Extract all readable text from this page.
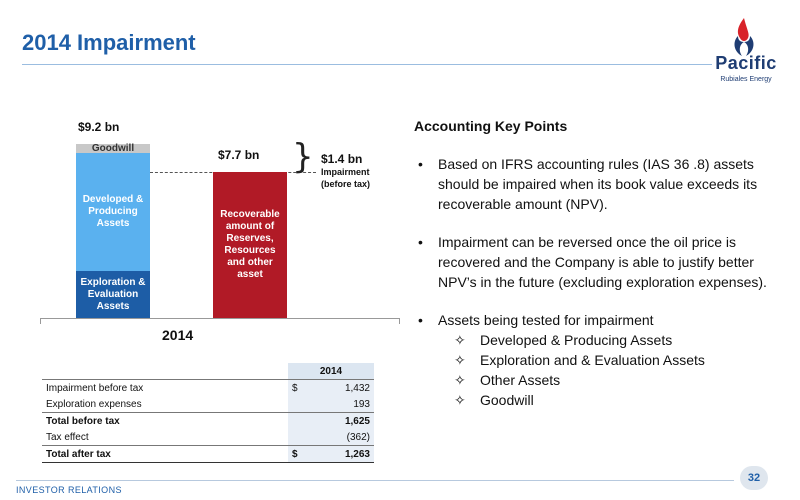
2014 Impairment
Pacific
Rubiales Energy
$9.2 bn
Goodwill
Developed & Producing Assets
Exploration & Evaluation Assets
$7.7 bn
Recoverable amount of Reserves, Resources and other asset
} $1.4 bn
Impairment (before tax)
2014
	2014	
Impairment before tax	$	1,432
Exploration expenses		193
Total before tax		1,625
Tax effect		(362)
Total after tax	$	1,263
Accounting Key Points
• Based on IFRS accounting rules (IAS 36 .8) assets should be impaired when its book value exceeds its recoverable amount (NPV).
• Impairment can be reversed once the oil price is recovered and the Company is able to justify better NPV’s in the future (excluding exploration expenses).
• Assets being tested for impairment
✧ Developed & Producing Assets
✧ Exploration and & Evaluation Assets
✧ Other Assets
✧ Goodwill
INVESTOR RELATIONS
32
